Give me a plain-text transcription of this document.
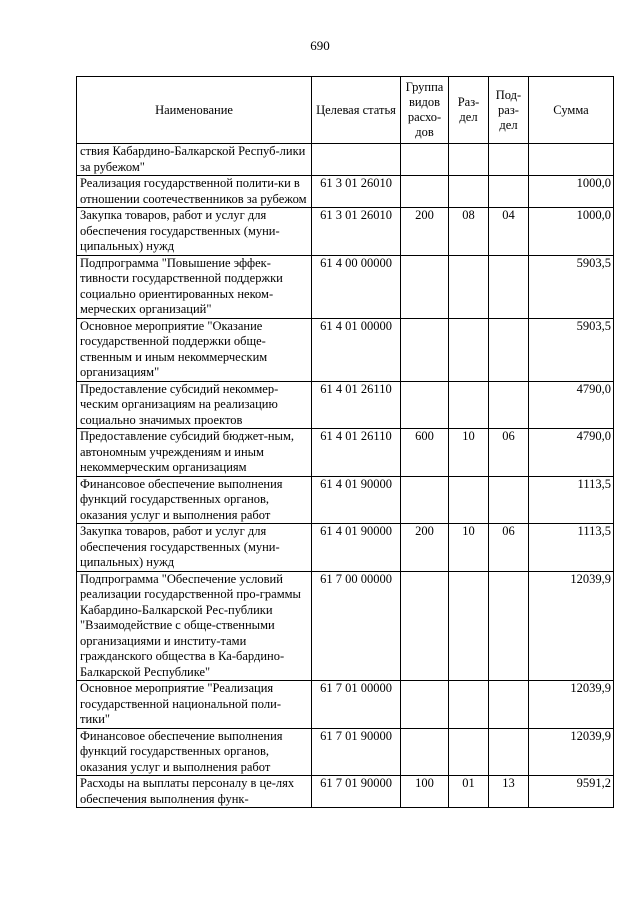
690
Наименование	Целевая статья	Группа видов расхо-дов	Раз-дел	Под-раз-дел	Сумма
ствия Кабардино-Балкарской Респуб-лики за рубежом"					
Реализация государственной полити-ки в отношении соотечественников за рубежом	61 3 01 26010				1000,0
Закупка товаров, работ и услуг для обеспечения государственных (муни-ципальных) нужд	61 3 01 26010	200	08	04	1000,0
Подпрограмма "Повышение эффек-тивности государственной поддержки социально ориентированных неком-мерческих организаций"	61 4 00 00000				5903,5
Основное мероприятие "Оказание государственной поддержки обще-ственным и иным некоммерческим организациям"	61 4 01 00000				5903,5
Предоставление субсидий некоммер-ческим организациям на реализацию социально значимых проектов	61 4 01 26110				4790,0
Предоставление субсидий бюджет-ным, автономным учреждениям и иным некоммерческим организациям	61 4 01 26110	600	10	06	4790,0
Финансовое обеспечение выполнения функций государственных органов, оказания услуг и выполнения работ	61 4 01 90000				1113,5
Закупка товаров, работ и услуг для обеспечения государственных (муни-ципальных) нужд	61 4 01 90000	200	10	06	1113,5
Подпрограмма "Обеспечение условий реализации государственной про-граммы Кабардино-Балкарской Рес-публики "Взаимодействие с обще-ственными организациями и институ-тами гражданского общества в Ка-бардино-Балкарской Республике"	61 7 00 00000				12039,9
Основное мероприятие "Реализация государственной национальной поли-тики"	61 7 01 00000				12039,9
Финансовое обеспечение выполнения функций государственных органов, оказания услуг и выполнения работ	61 7 01 90000				12039,9
Расходы на выплаты персоналу в це-лях обеспечения выполнения функ-	61 7 01 90000	100	01	13	9591,2
